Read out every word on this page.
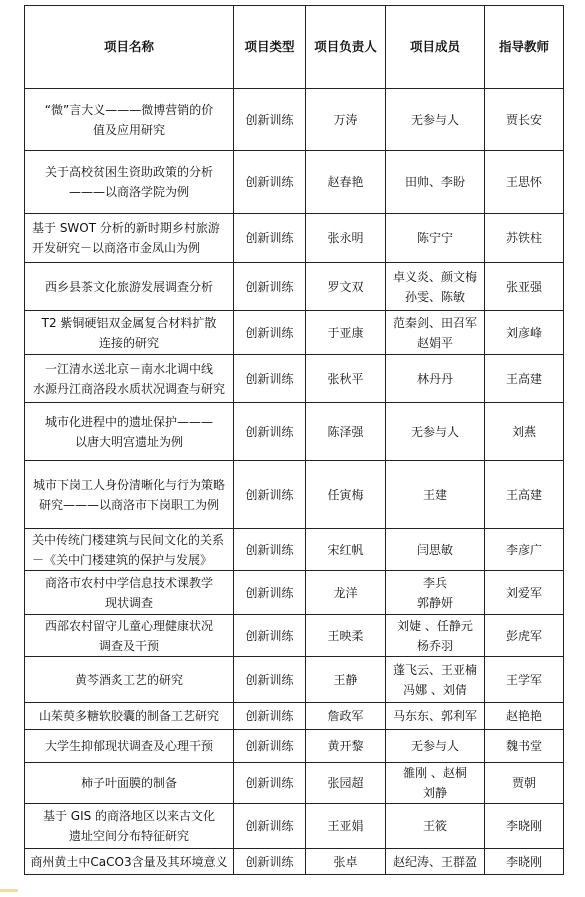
项目名称	项目类型	项目负责人	项目成员	指导教师
“微”言大义———微博营销的价
值及应用研究	创新训练	万涛	无参与人	贾长安
关于高校贫困生资助政策的分析
———以商洛学院为例	创新训练	赵春艳	田帅、李盼	王思怀
基于 SWOT 分析的新时期乡村旅游
开发研究－以商洛市金凤山为例	创新训练	张永明	陈宁宁	苏铁柱
西乡县茶文化旅游发展调查分析	创新训练	罗文双	卓义炎、颜文梅
孙雯、陈敏	张亚强
T2 紫铜硬铝双金属复合材料扩散
连接的研究	创新训练	于亚康	范秦剑、田召军
赵娟平	刘彦峰
一江清水送北京－南水北调中线
水源丹江商洛段水质状况调查与研究	创新训练	张秋平	林丹丹	王高建
城市化进程中的遗址保护———
以唐大明宫遗址为例	创新训练	陈泽强	无参与人	刘燕
城市下岗工人身份清晰化与行为策略
研究———以商洛市下岗职工为例	创新训练	任寅梅	王建	王高建
关中传统门楼建筑与民间文化的关系
－《关中门楼建筑的保护与发展》	创新训练	宋红帆	闫思敏	李彦广
商洛市农村中学信息技术课教学
现状调查	创新训练	龙洋	李兵
郭静妍	刘爱军
西部农村留守儿童心理健康状况
调查及干预	创新训练	王映柔	刘婕 、任静元
杨乔羽	彭虎军
黄芩酒炙工艺的研究	创新训练	王静	蓬飞云、王亚楠
冯娜 、刘倩	王学军
山茱萸多糖软胶囊的制备工艺研究	创新训练	詹政军	马东东、郭利军	赵艳艳
大学生抑郁现状调查及心理干预	创新训练	黄开黎	无参与人	魏书堂
柿子叶面膜的制备	创新训练	张园超	雒刚 、赵桐
刘静	贾朝
基于 GIS 的商洛地区以来古文化
遗址空间分布特征研究	创新训练	王亚娟	王筱	李晓刚
商州黄土中CaCO3含量及其环境意义	创新训练	张卓	赵纪涛、王群盈	李晓刚
